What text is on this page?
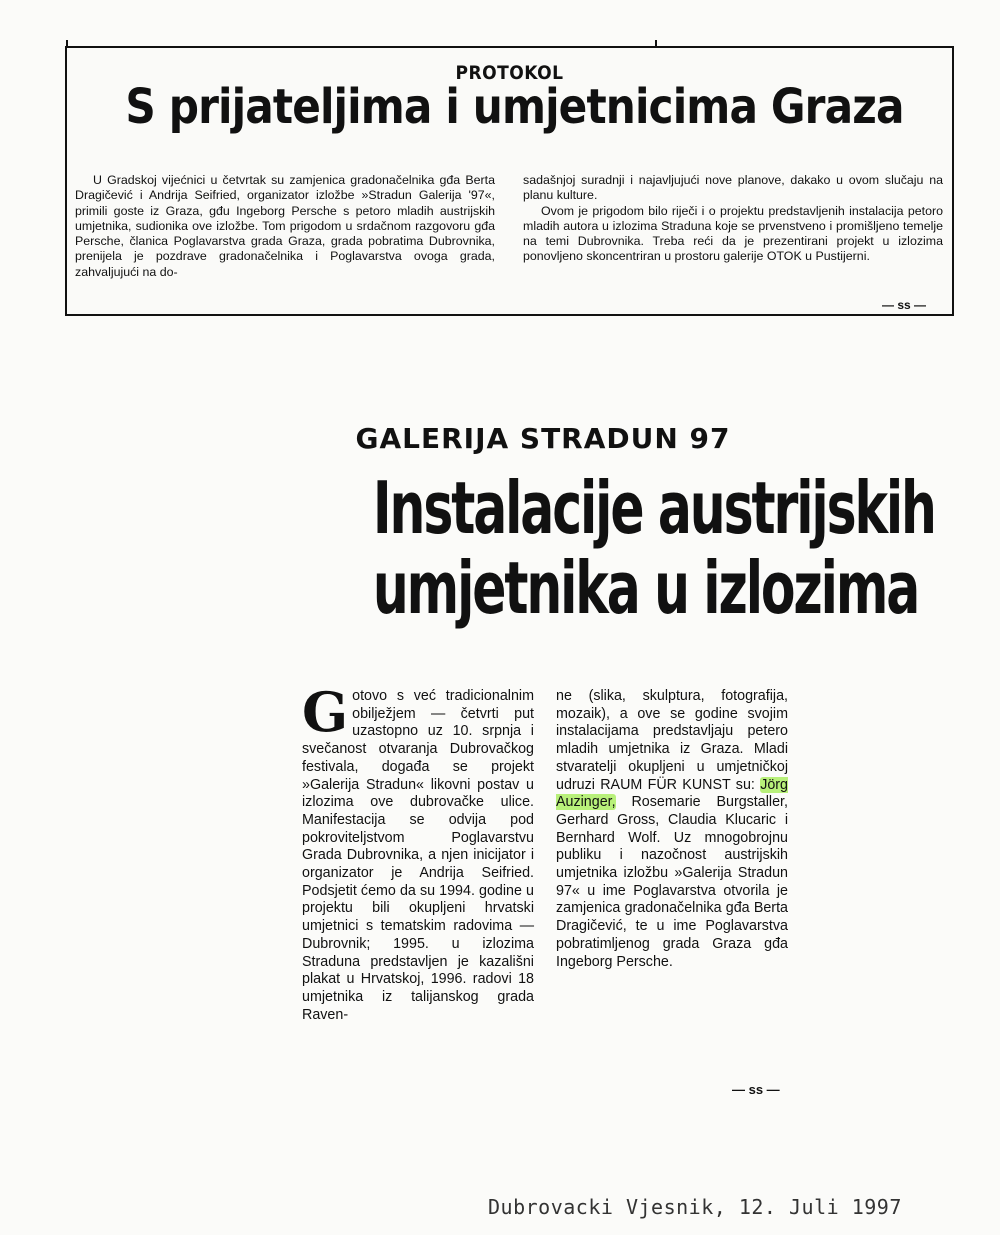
PROTOKOL
S prijateljima i umjetnicima Graza

U Gradskoj vijećnici u četvrtak su zamjenica gradonačelnika gđa Berta Dragičević i Andrija Seifried, organizator izložbe »Stradun Galerija '97«, primili goste iz Graza, gđu Ingeborg Persche s petoro mladih austrijskih umjetnika, sudionika ove izložbe. Tom prigodom u srdačnom razgovoru gđa Persche, članica Poglavarstva grada Graza, grada pobratima Dubrovnika, prenijela je pozdrave gradonačelnika i Poglavarstva ovoga grada, zahvaljujući na do-

sadašnjoj suradnji i najavljujući nove planove, dakako u ovom slučaju na planu kulture.

Ovom je prigodom bilo riječi i o projektu predstavljenih instalacija petoro mladih autora u izlozima Straduna koje se prvenstveno i promišljeno temelje na temi Dubrovnika. Treba reći da je prezentirani projekt u izlozima ponovljeno skoncentriran u prostoru galerije OTOK u Pustijerni.

— ss —
GALERIJA STRADUN 97
Instalacije austrijskih
umjetnika u izlozima

Gotovo s već tradicionalnim obilježjem — četvrti put uzastopno uz 10. srpnja i svečanost otvaranja Dubrovačkog festivala, događa se projekt »Galerija Stradun« likovni postav u izlozima ove dubrovačke ulice. Manifestacija se odvija pod pokroviteljstvom Poglavarstvu Grada Dubrovnika, a njen inicijator i organizator je Andrija Seifried. Podsjetit ćemo da su 1994. godine u projektu bili okupljeni hrvatski umjetnici s tematskim radovima — Dubrovnik; 1995. u izlozima Straduna predstavljen je kazališni plakat u Hrvatskoj, 1996. radovi 18 umjetnika iz talijanskog grada Raven-

ne (slika, skulptura, fotografija, mozaik), a ove se godine svojim instalacijama predstavljaju petero mladih umjetnika iz Graza. Mladi stvaratelji okupljeni u umjetničkoj udruzi RAUM FÜR KUNST su: Jörg Auzinger, Rosemarie Burgstaller, Gerhard Gross, Claudia Klucaric i Bernhard Wolf. Uz mnogobrojnu publiku i nazočnost austrijskih umjetnika izložbu »Galerija Stradun 97« u ime Poglavarstva otvorila je zamjenica gradonačelnika gđa Berta Dragičević, te u ime Poglavarstva pobratimljenog grada Graza gđa Ingeborg Persche.

— ss —
Dubrovacki Vjesnik, 12. Juli 1997
